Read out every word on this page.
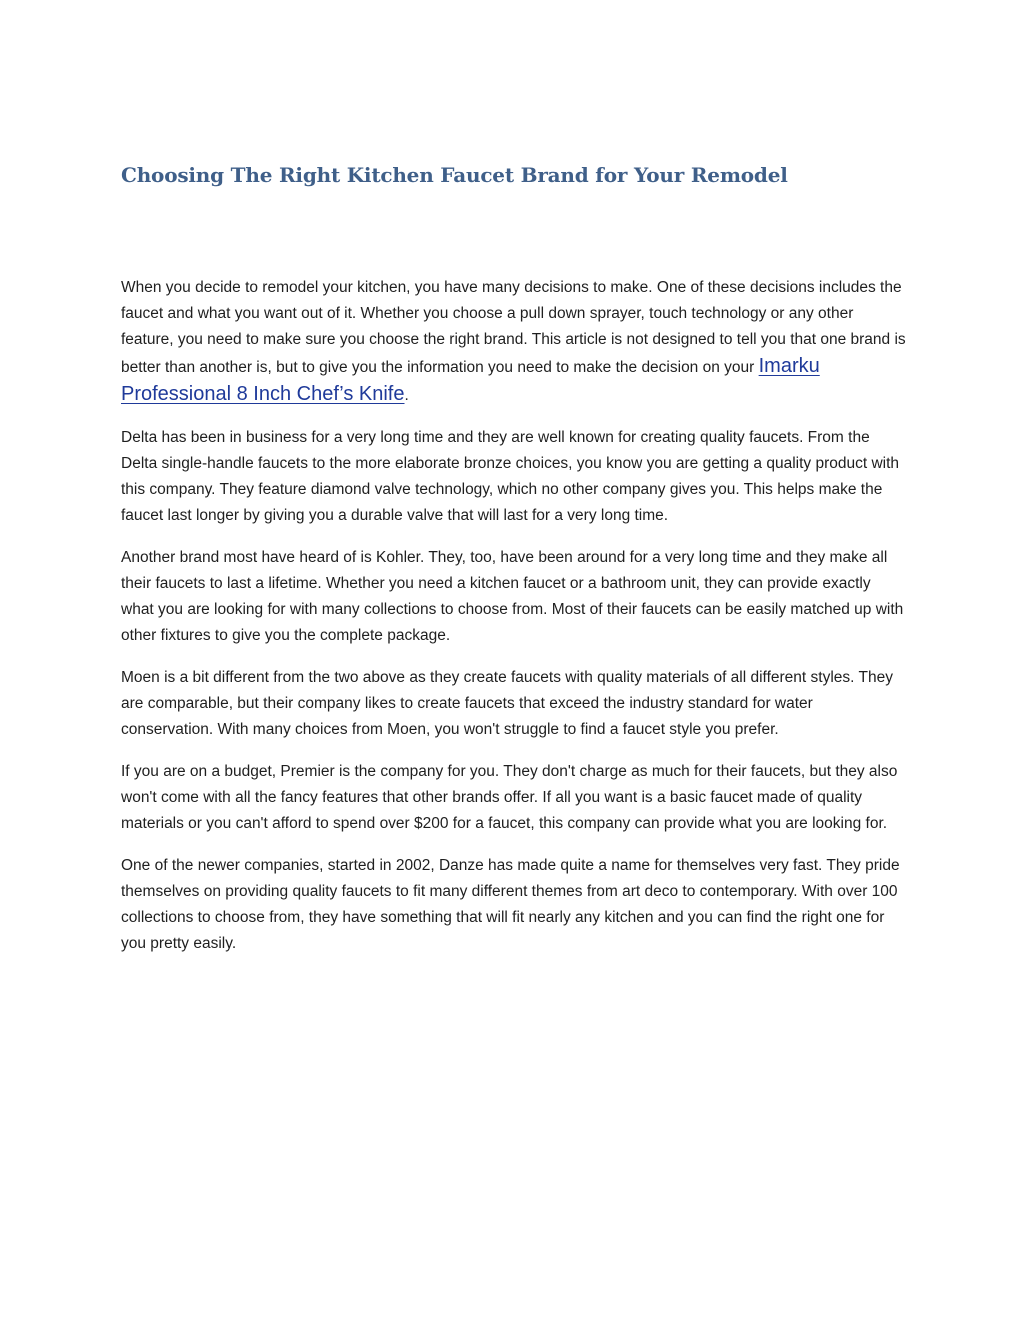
Choosing The Right Kitchen Faucet Brand for Your Remodel

When you decide to remodel your kitchen, you have many decisions to make. One of these decisions includes the faucet and what you want out of it. Whether you choose a pull down sprayer, touch technology or any other feature, you need to make sure you choose the right brand. This article is not designed to tell you that one brand is better than another is, but to give you the information you need to make the decision on your Imarku Professional 8 Inch Chef’s Knife.

Delta has been in business for a very long time and they are well known for creating quality faucets. From the Delta single-handle faucets to the more elaborate bronze choices, you know you are getting a quality product with this company. They feature diamond valve technology, which no other company gives you. This helps make the faucet last longer by giving you a durable valve that will last for a very long time.

Another brand most have heard of is Kohler. They, too, have been around for a very long time and they make all their faucets to last a lifetime. Whether you need a kitchen faucet or a bathroom unit, they can provide exactly what you are looking for with many collections to choose from. Most of their faucets can be easily matched up with other fixtures to give you the complete package.

Moen is a bit different from the two above as they create faucets with quality materials of all different styles. They are comparable, but their company likes to create faucets that exceed the industry standard for water conservation. With many choices from Moen, you won't struggle to find a faucet style you prefer.

If you are on a budget, Premier is the company for you. They don't charge as much for their faucets, but they also won't come with all the fancy features that other brands offer. If all you want is a basic faucet made of quality materials or you can't afford to spend over $200 for a faucet, this company can provide what you are looking for.

One of the newer companies, started in 2002, Danze has made quite a name for themselves very fast. They pride themselves on providing quality faucets to fit many different themes from art deco to contemporary. With over 100 collections to choose from, they have something that will fit nearly any kitchen and you can find the right one for you pretty easily.
